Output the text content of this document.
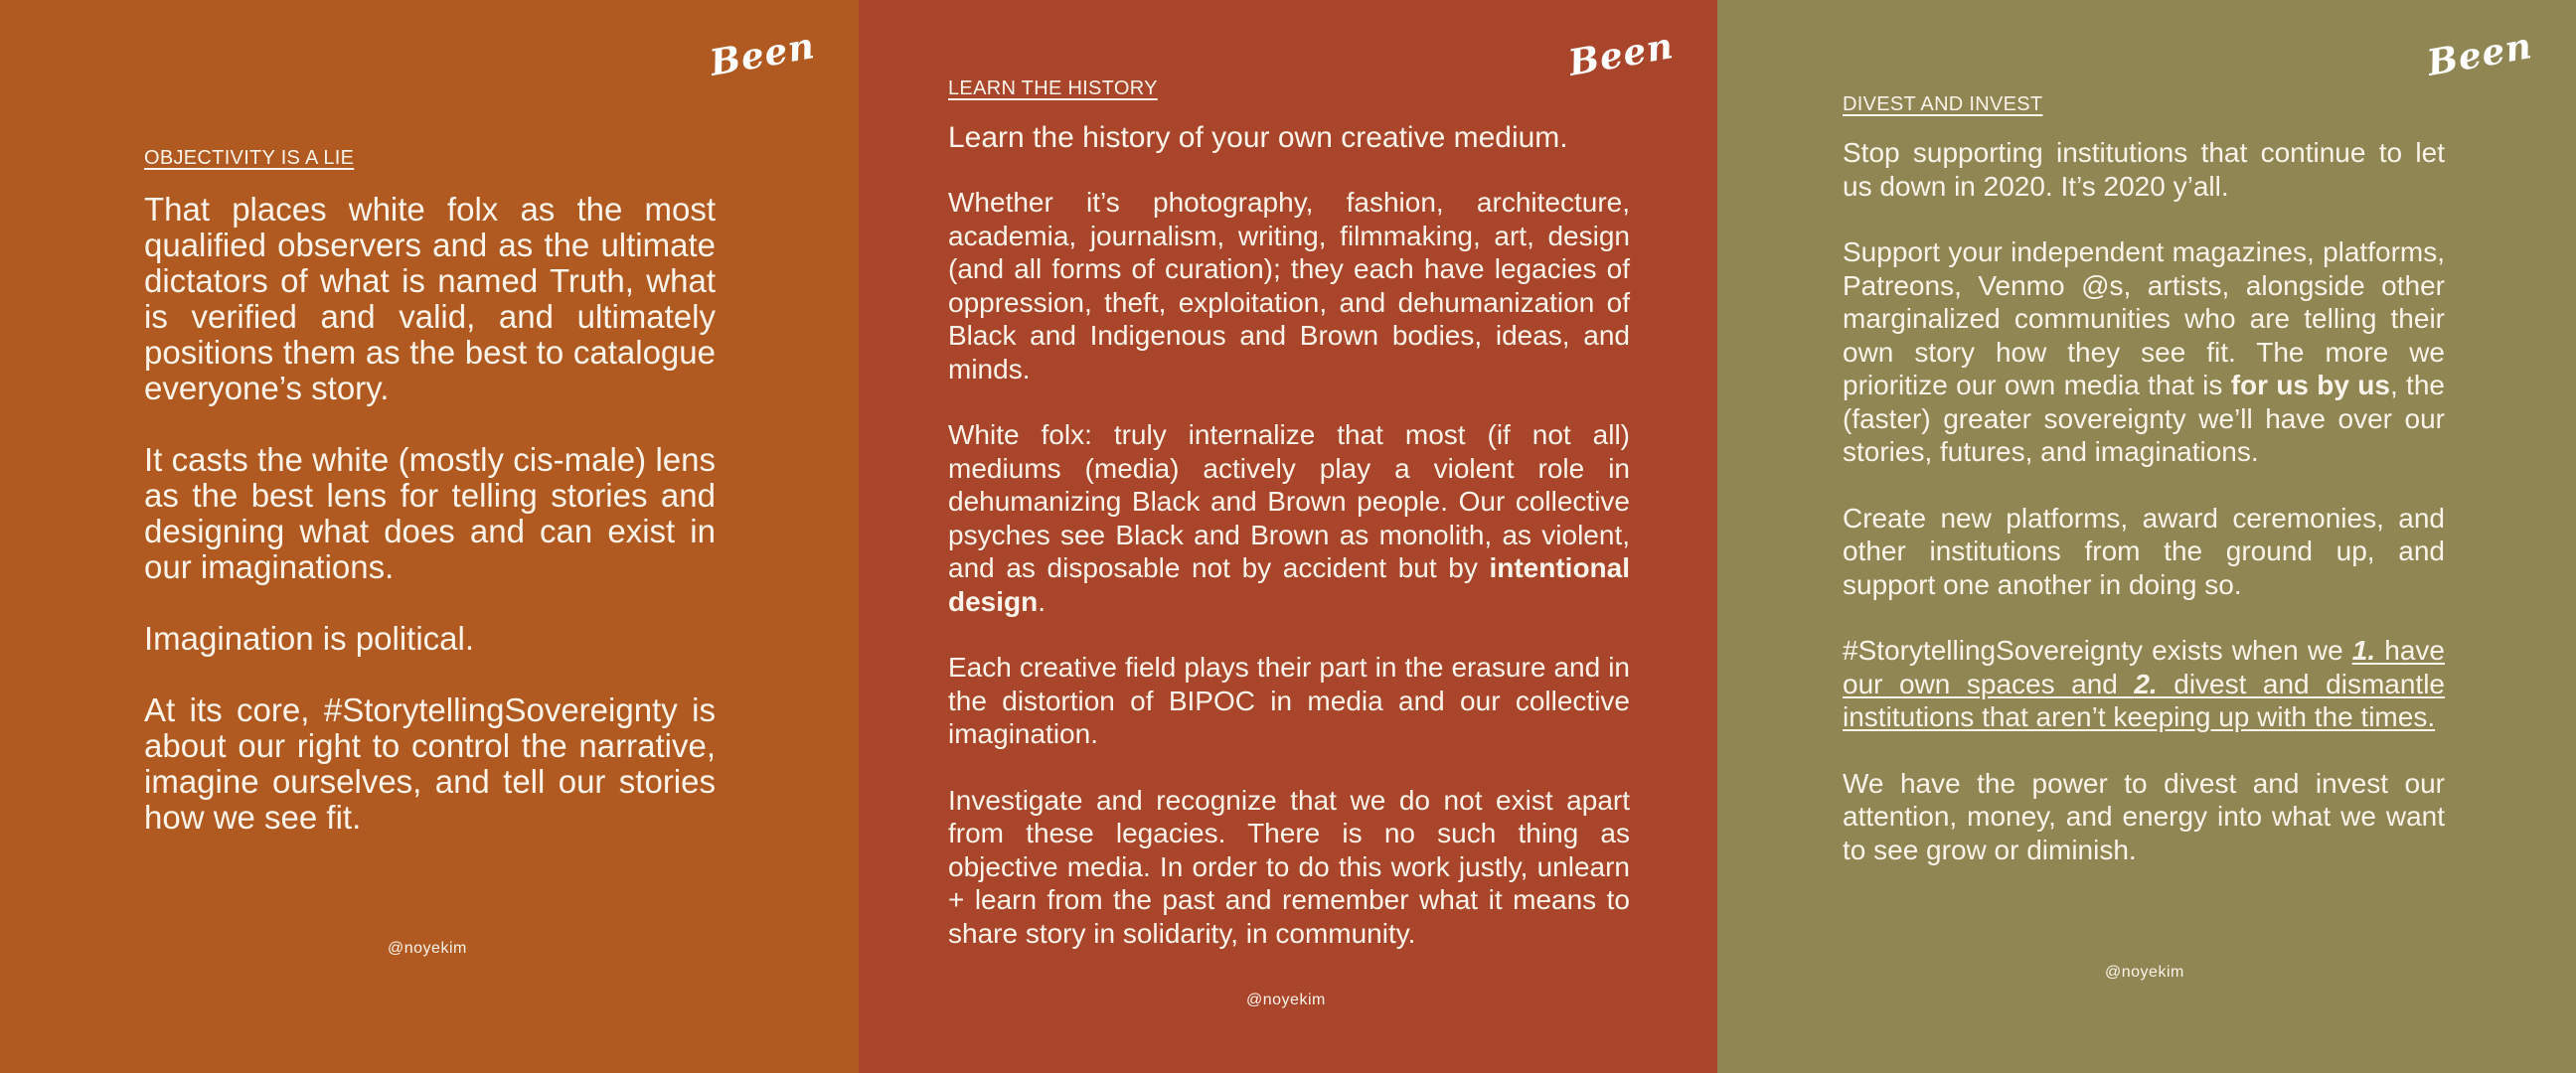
Been
OBJECTIVITY IS A LIE

That places white folx as the most qualified observers and as the ultimate dictators of what is named Truth, what is verified and valid, and ultimately positions them as the best to catalogue everyone’s story.

It casts the white (mostly cis-male) lens as the best lens for telling stories and designing what does and can exist in our imaginations.

Imagination is political.

At its core, #StorytellingSovereignty is about our right to control the narrative, imagine ourselves, and tell our stories how we see fit.

@noyekim
Been
LEARN THE HISTORY

Learn the history of your own creative medium.

Whether it’s photography, fashion, architecture, academia, journalism, writing, filmmaking, art, design (and all forms of curation); they each have legacies of oppression, theft, exploitation, and dehumanization of Black and Indigenous and Brown bodies, ideas, and minds.

White folx: truly internalize that most (if not all) mediums (media) actively play a violent role in dehumanizing Black and Brown people. Our collective psyches see Black and Brown as monolith, as violent, and as disposable not by accident but by intentional design.

Each creative field plays their part in the erasure and in the distortion of BIPOC in media and our collective imagination.

Investigate and recognize that we do not exist apart from these legacies. There is no such thing as objective media. In order to do this work justly, unlearn + learn from the past and remember what it means to share story in solidarity, in community.

@noyekim
Been
DIVEST AND INVEST

Stop supporting institutions that continue to let us down in 2020. It’s 2020 y’all.

Support your independent magazines, platforms, Patreons, Venmo @s, artists, alongside other marginalized communities who are telling their own story how they see fit. The more we prioritize our own media that is for us by us, the (faster) greater sovereignty we’ll have over our stories, futures, and imaginations.

Create new platforms, award ceremonies, and other institutions from the ground up, and support one another in doing so.

#StorytellingSovereignty exists when we 1. have our own spaces and 2. divest and dismantle institutions that aren’t keeping up with the times.

We have the power to divest and invest our attention, money, and energy into what we want to see grow or diminish.

@noyekim
